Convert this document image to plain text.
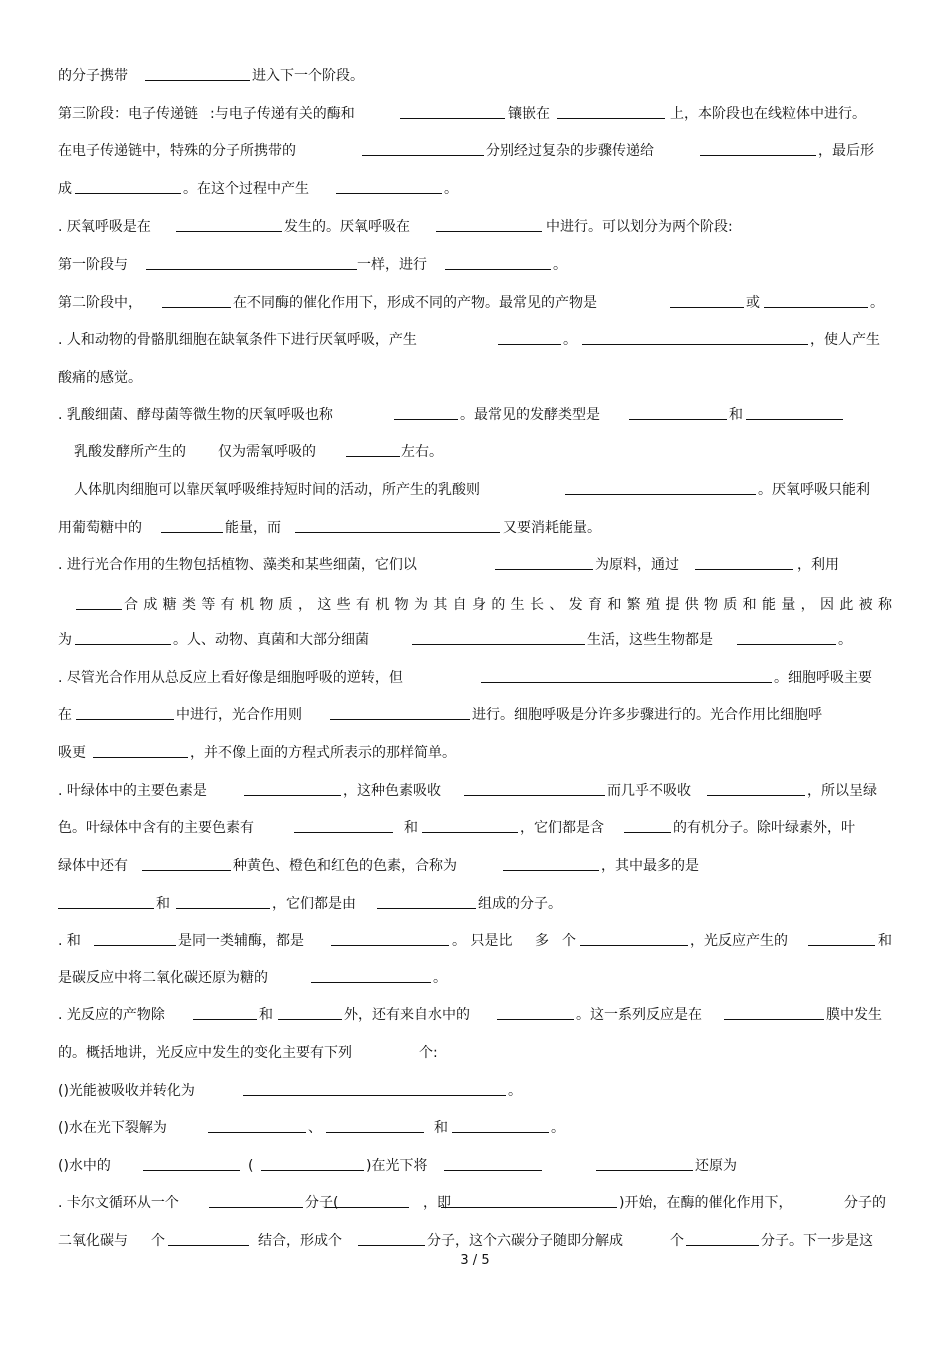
的分子携带	进入下一个阶段。
第三阶段：电子传递链 :与电子传递有关的酶和	镶嵌在	上，本阶段也在线粒体中进行。
在电子传递链中，特殊的分子所携带的	分别经过复杂的步骤传递给	，最后形
成	。在这个过程中产生	。
. 厌氧呼吸是在	发生的。厌氧呼吸在	中进行。可以划分为两个阶段:
第一阶段与	一样，进行	。
第二阶段中，	在不同酶的催化作用下，形成不同的产物。最常见的产物是	或	。
. 人和动物的骨骼肌细胞在缺氧条件下进行厌氧呼吸，产生	。	，使人产生
酸痛的感觉。
. 乳酸细菌、酵母菌等微生物的厌氧呼吸也称	。最常见的发酵类型是	和
乳酸发酵所产生的 仅为需氧呼吸的	左右。
人体肌肉细胞可以靠厌氧呼吸维持短时间的活动，所产生的乳酸则	。厌氧呼吸只能利
用葡萄糖中的	能量，而	又要消耗能量。
. 进行光合作用的生物包括植物、藻类和某些细菌，它们以	为原料，通过	，利用
合成糖类等有机物质，这些有机物为其自身的生长、发育和繁殖提供物质和能量，因此被称
为	。人、动物、真菌和大部分细菌	生活，这些生物都是	。
. 尽管光合作用从总反应上看好像是细胞呼吸的逆转，但	。细胞呼吸主要
在	中进行，光合作用则	进行。细胞呼吸是分许多步骤进行的。光合作用比细胞呼
吸更	，并不像上面的方程式所表示的那样简单。
. 叶绿体中的主要色素是	，这种色素吸收	而几乎不吸收	，所以呈绿
色。叶绿体中含有的主要色素有	和	，它们都是含	的有机分子。除叶绿素外，叶
绿体中还有	种黄色、橙色和红色的色素，合称为	，其中最多的是
和	，它们都是由	组成的分子。
. 和	是同一类辅酶，都是	。 只是比 多 个	，光反应产生的	和
是碳反应中将二氧化碳还原为糖的	。
. 光反应的产物除	和	外，还有来自水中的	。这一系列反应是在	膜中发生
的。概括地讲，光反应中发生的变化主要有下列	个:
()光能被吸收并转化为	。
()水在光下裂解为	、	和	。
()水中的	(	)在光下将	还原为
. 卡尔文循环从一个	分子(	，即	)开始，在酶的催化作用下，	分子的
二氧化碳与 个	结合，形成个	分子，这个六碳分子随即分解成	个	分子。下一步是这
3 / 5
